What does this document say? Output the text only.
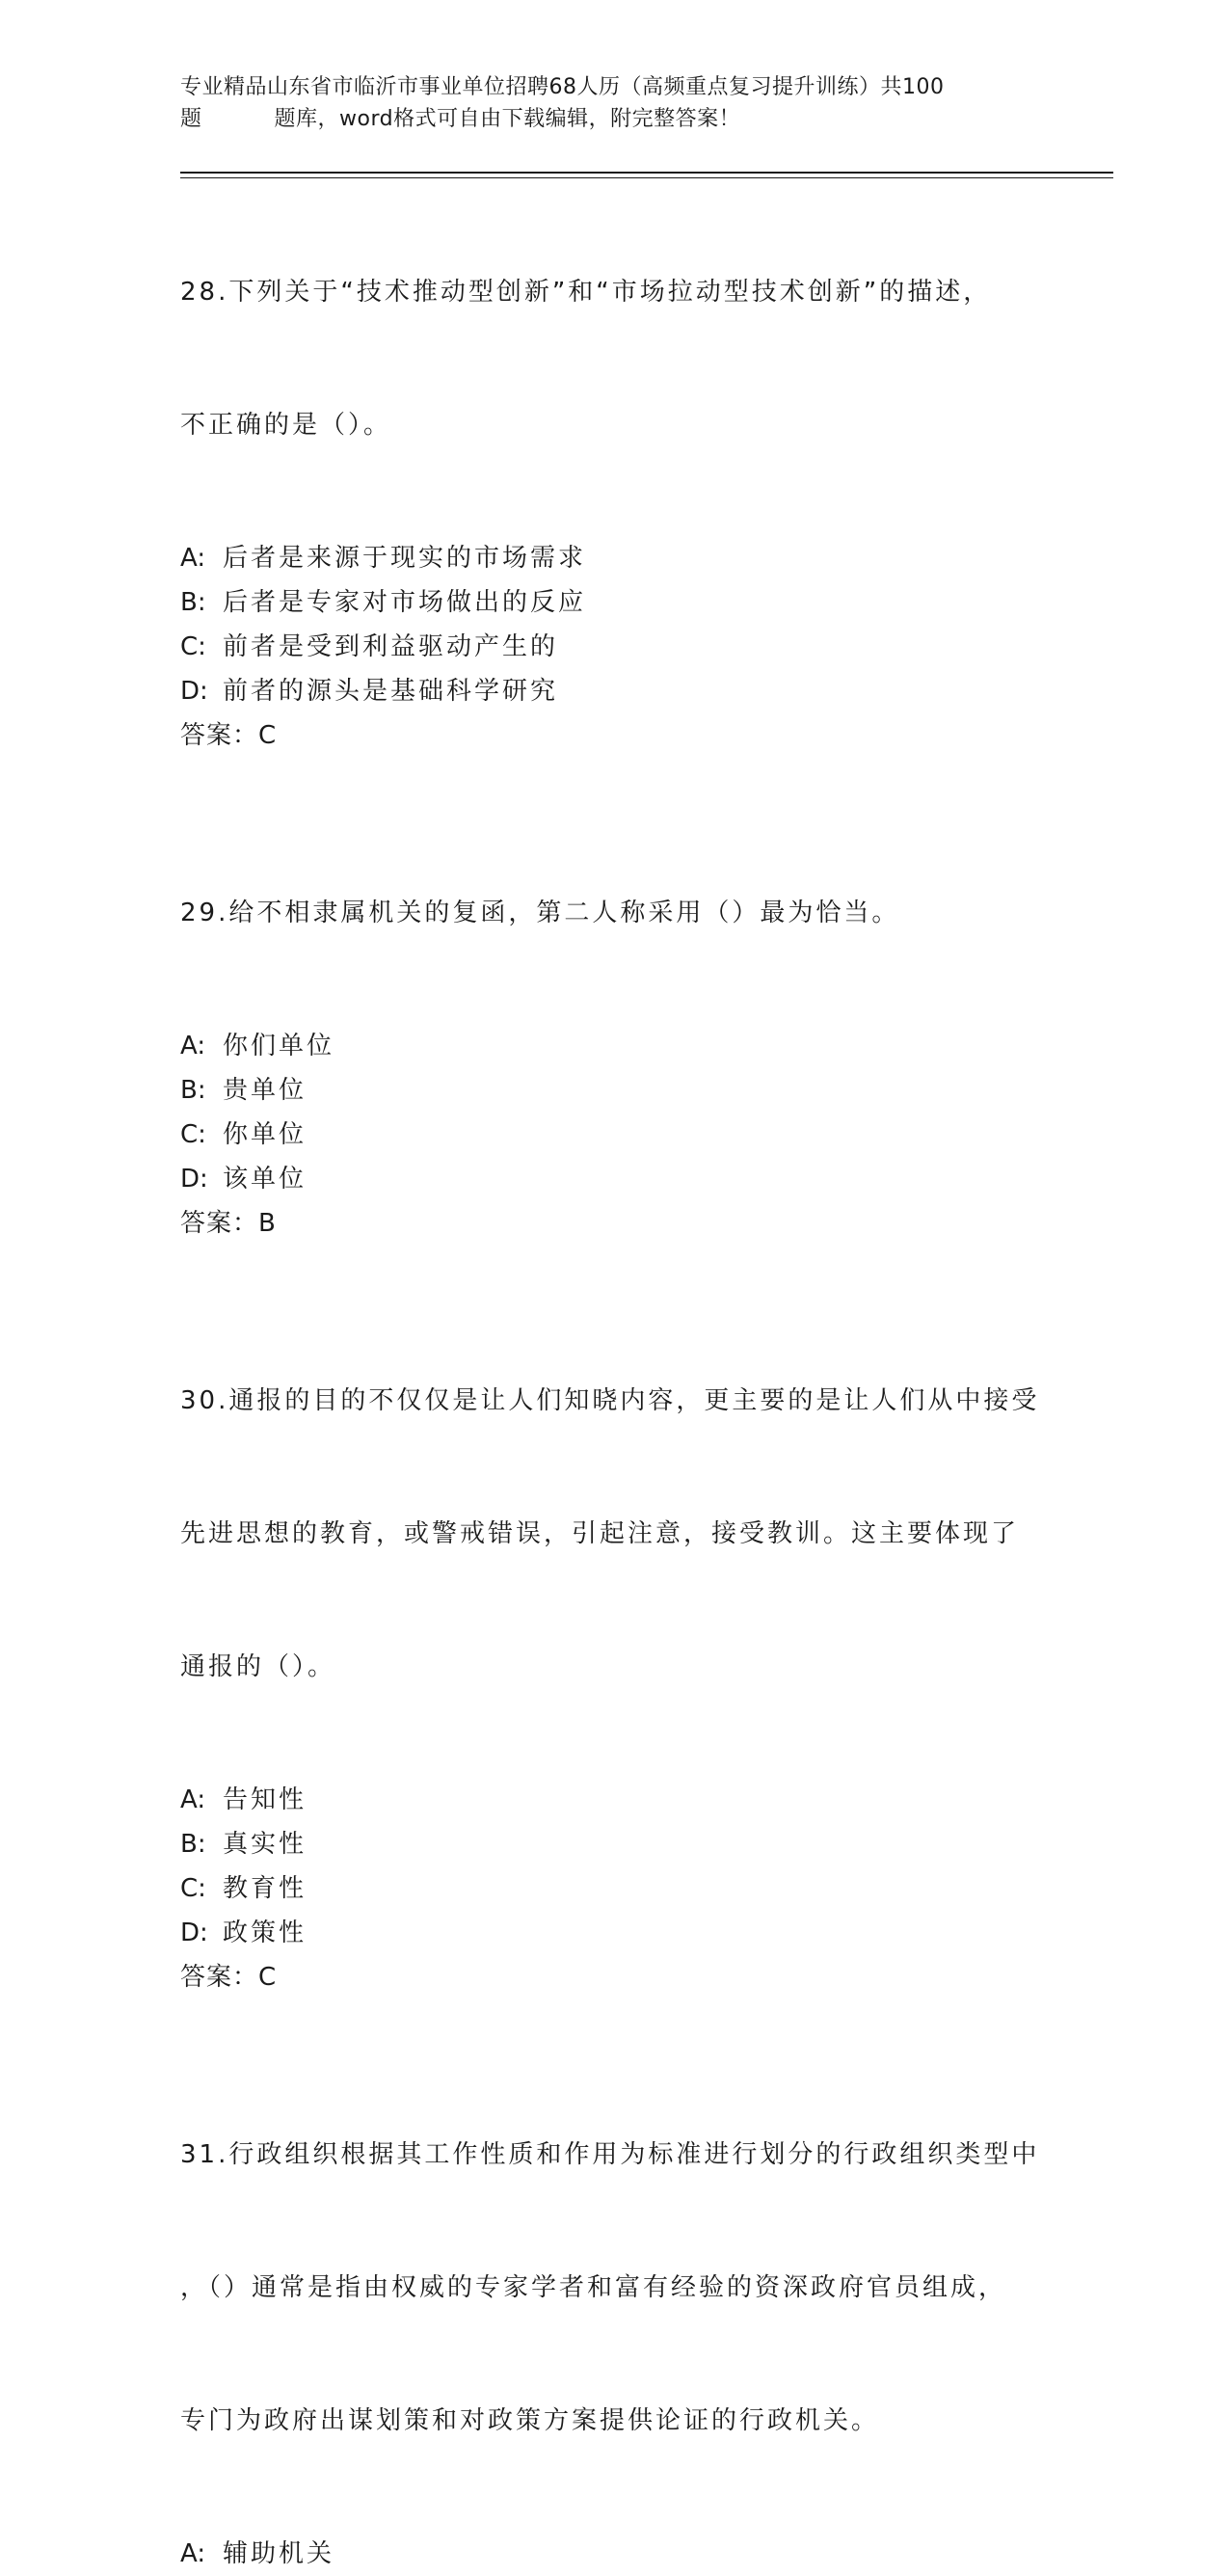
专业精品山东省市临沂市事业单位招聘68人历（高频重点复习提升训练）共100
题	题库，word格式可自由下载编辑，附完整答案！

28.下列关于“技术推动型创新”和“市场拉动型技术创新”的描述，

不正确的是（）。

A: 后者是来源于现实的市场需求
B: 后者是专家对市场做出的反应
C: 前者是受到利益驱动产生的
D: 前者的源头是基础科学研究
答案：C

29.给不相隶属机关的复函，第二人称采用（）最为恰当。

A: 你们单位
B: 贵单位
C: 你单位
D: 该单位
答案：B

30.通报的目的不仅仅是让人们知晓内容，更主要的是让人们从中接受

先进思想的教育，或警戒错误，引起注意，接受教训。这主要体现了

通报的（）。

A: 告知性
B: 真实性
C: 教育性
D: 政策性
答案：C

31.行政组织根据其工作性质和作用为标准进行划分的行政组织类型中

，（）通常是指由权威的专家学者和富有经验的资深政府官员组成，

专门为政府出谋划策和对政策方案提供论证的行政机关。

A: 辅助机关
